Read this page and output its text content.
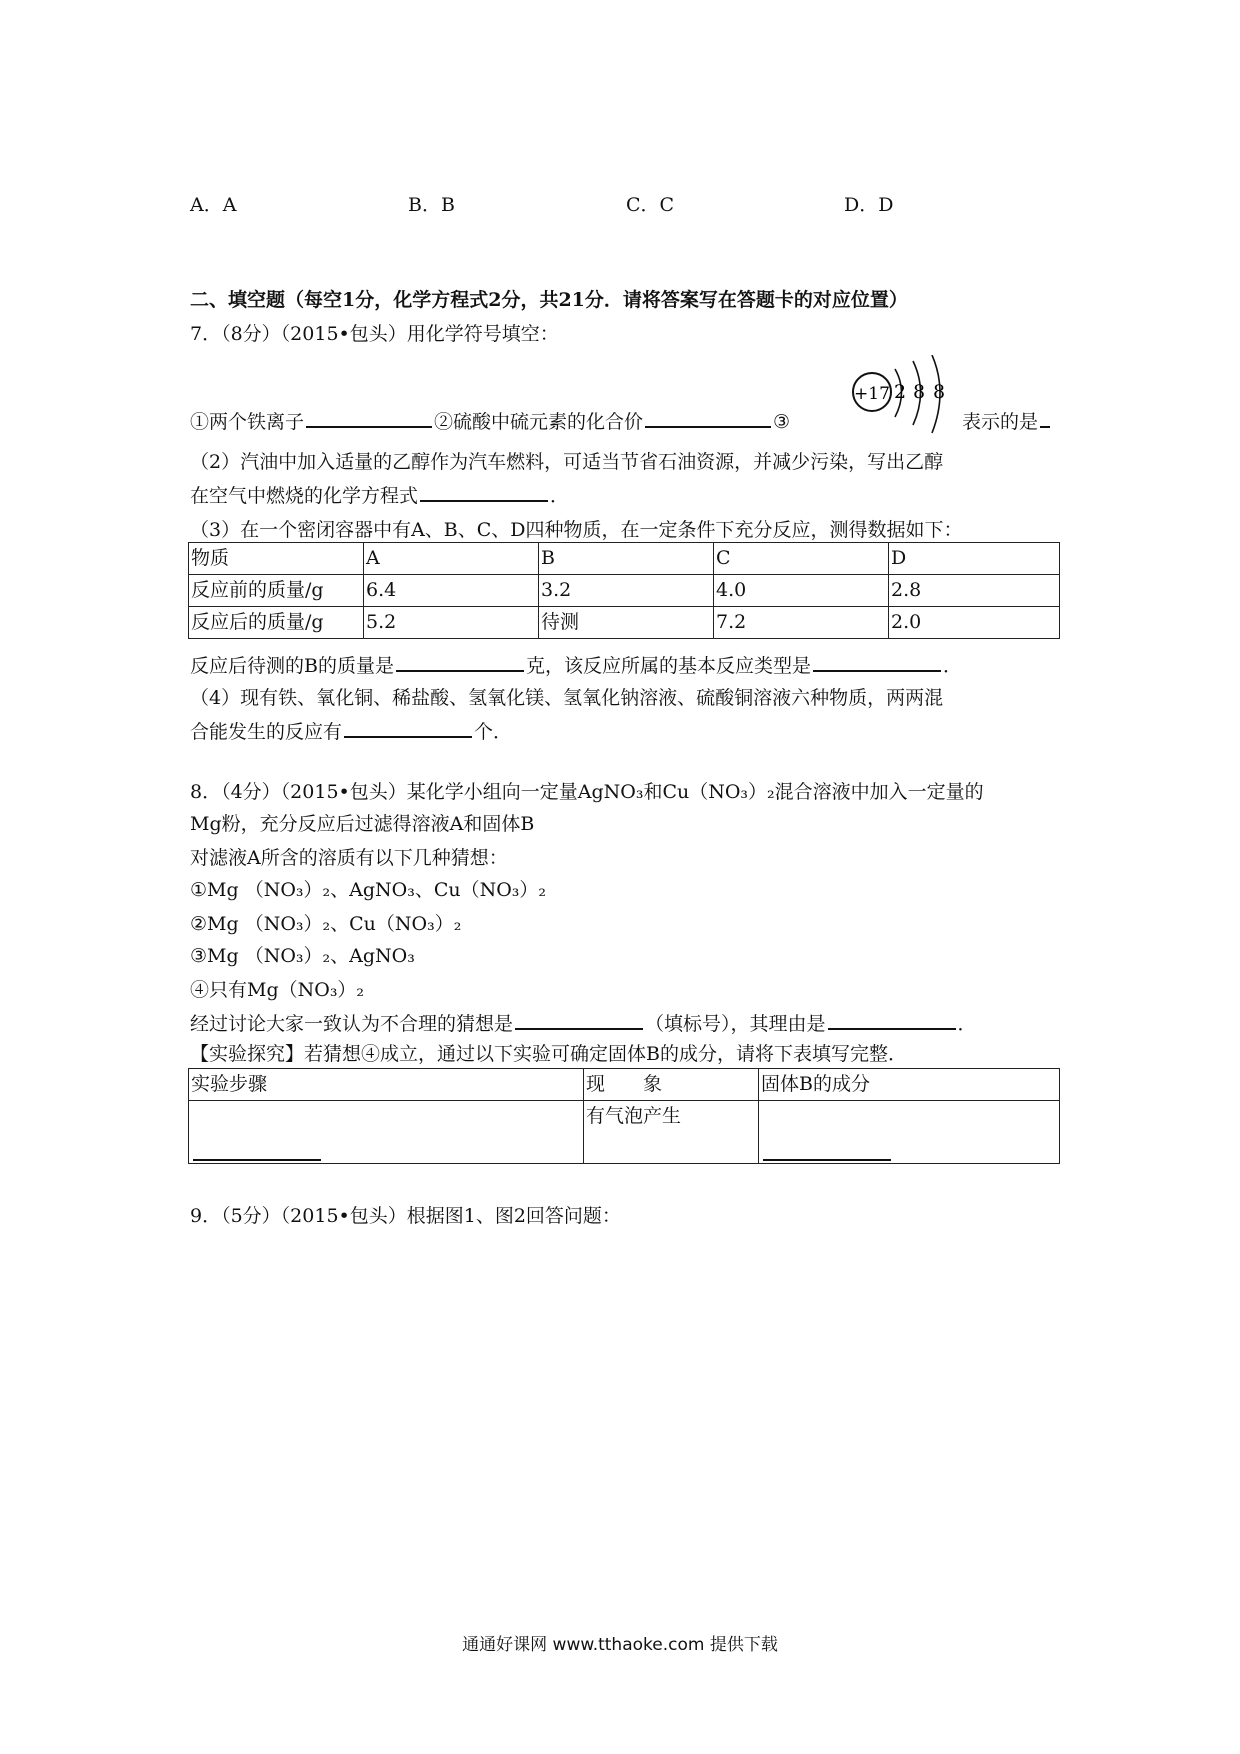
A．A	B．B	C．C	D．D
二、填空题（每空1分，化学方程式2分，共21分．请将答案写在答题卡的对应位置）
7．（8分）（2015•包头）用化学符号填空：
①两个铁离子	②硫酸中硫元素的化合价	③	表示的是
+17 2 8 8
（2）汽油中加入适量的乙醇作为汽车燃料，可适当节省石油资源，并减少污染，写出乙醇
在空气中燃烧的化学方程式	．
（3）在一个密闭容器中有A、B、C、D四种物质，在一定条件下充分反应，测得数据如下：
物质	A	B	C	D
反应前的质量/g	6.4	3.2	4.0	2.8
反应后的质量/g	5.2	待测	7.2	2.0
反应后待测的B的质量是	克，该反应所属的基本反应类型是	．
（4）现有铁、氧化铜、稀盐酸、氢氧化镁、氢氧化钠溶液、硫酸铜溶液六种物质，两两混
合能发生的反应有	个．
8．（4分）（2015•包头）某化学小组向一定量AgNO₃和Cu（NO₃）₂混合溶液中加入一定量的
Mg粉，充分反应后过滤得溶液A和固体B
对滤液A所含的溶质有以下几种猜想：
①Mg （NO₃）₂、AgNO₃、Cu（NO₃）₂
②Mg （NO₃）₂、Cu（NO₃）₂
③Mg （NO₃）₂、AgNO₃
④只有Mg（NO₃）₂
经过讨论大家一致认为不合理的猜想是	（填标号），其理由是	．
【实验探究】若猜想④成立，通过以下实验可确定固体B的成分，请将下表填写完整．
实验步骤	现　　象	固体B的成分

	有气泡产生	
9．（5分）（2015•包头）根据图1、图2回答问题：
通通好课网 www.tthaoke.com 提供下载
